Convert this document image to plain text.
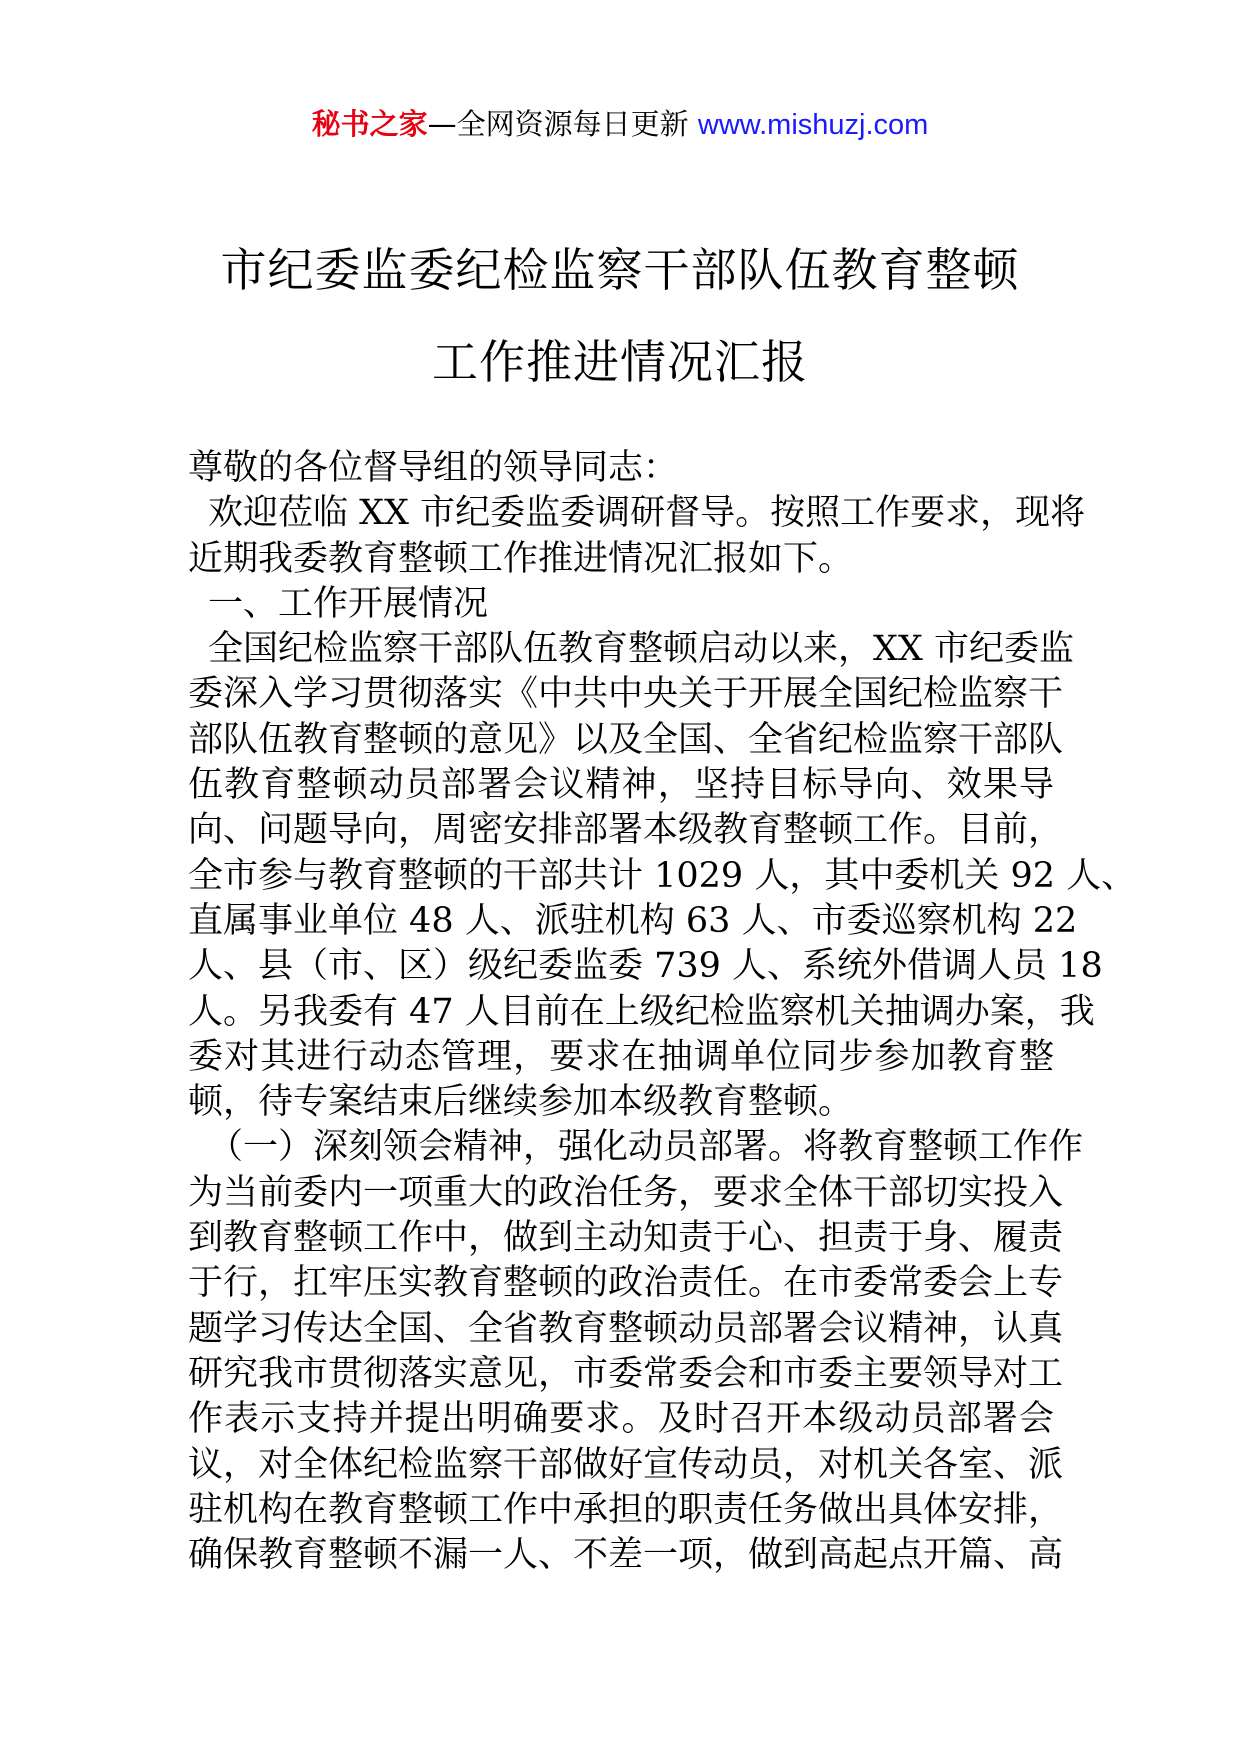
秘书之家—全网资源每日更新 www.mishuzj.com
市纪委监委纪检监察干部队伍教育整顿
工作推进情况汇报
尊敬的各位督导组的领导同志：
欢迎莅临 XX 市纪委监委调研督导。按照工作要求，现将
近期我委教育整顿工作推进情况汇报如下。
一、工作开展情况
全国纪检监察干部队伍教育整顿启动以来，XX 市纪委监
委深入学习贯彻落实《中共中央关于开展全国纪检监察干
部队伍教育整顿的意见》以及全国、全省纪检监察干部队
伍教育整顿动员部署会议精神，坚持目标导向、效果导
向、问题导向，周密安排部署本级教育整顿工作。目前，
全市参与教育整顿的干部共计 1029 人，其中委机关 92 人、
直属事业单位 48 人、派驻机构 63 人、市委巡察机构 22
人、县（市、区）级纪委监委 739 人、系统外借调人员 18
人。另我委有 47 人目前在上级纪检监察机关抽调办案，我
委对其进行动态管理，要求在抽调单位同步参加教育整
顿，待专案结束后继续参加本级教育整顿。
（一）深刻领会精神，强化动员部署。将教育整顿工作作
为当前委内一项重大的政治任务，要求全体干部切实投入
到教育整顿工作中，做到主动知责于心、担责于身、履责
于行，扛牢压实教育整顿的政治责任。在市委常委会上专
题学习传达全国、全省教育整顿动员部署会议精神，认真
研究我市贯彻落实意见，市委常委会和市委主要领导对工
作表示支持并提出明确要求。及时召开本级动员部署会
议，对全体纪检监察干部做好宣传动员，对机关各室、派
驻机构在教育整顿工作中承担的职责任务做出具体安排，
确保教育整顿不漏一人、不差一项，做到高起点开篇、高
